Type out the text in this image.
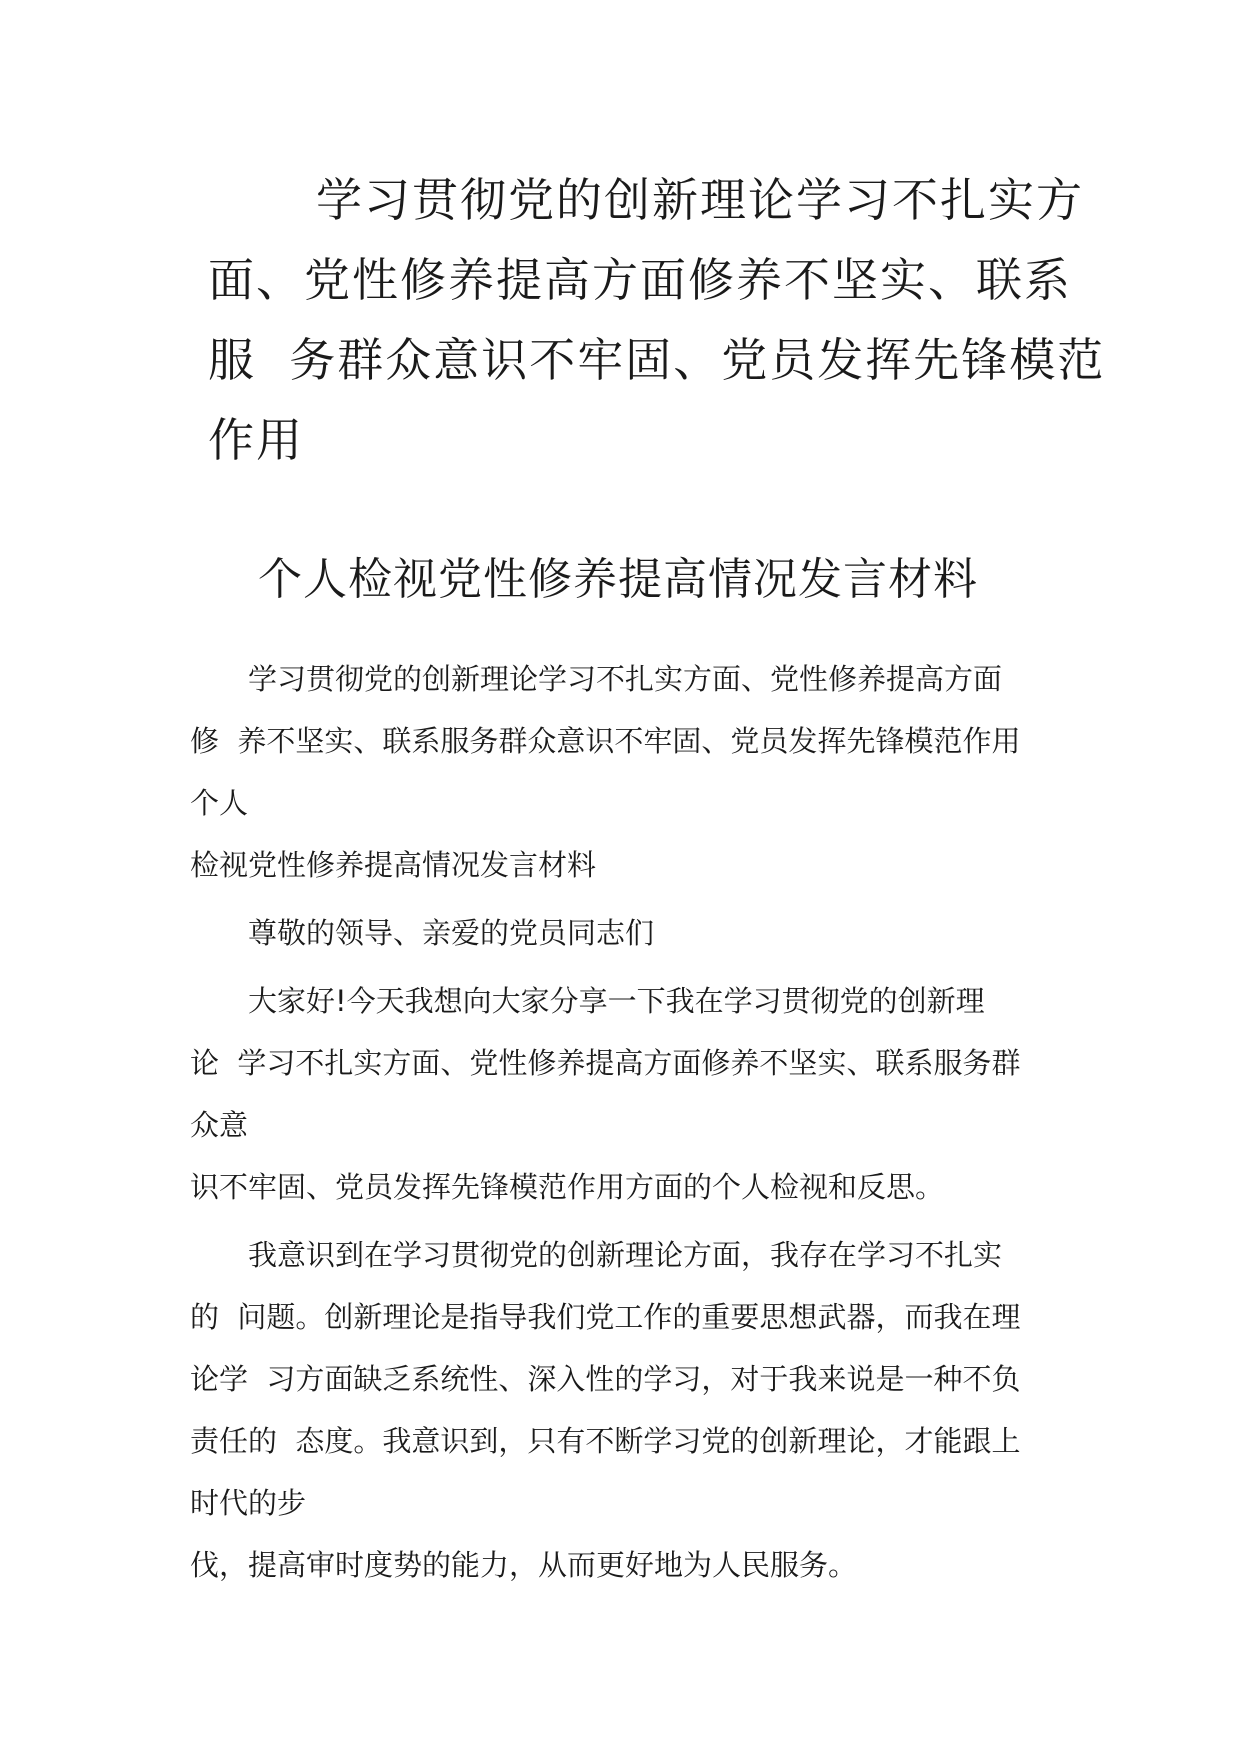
学习贯彻党的创新理论学习不扎实方
面、党性修养提高方面修养不坚实、联系
服  务群众意识不牢固、党员发挥先锋模范
作用
个人检视党性修养提高情况发言材料
学习贯彻党的创新理论学习不扎实方面、党性修养提高方面
修  养不坚实、联系服务群众意识不牢固、党员发挥先锋模范作用
个人
检视党性修养提高情况发言材料
尊敬的领导、亲爱的党员同志们
大家好!今天我想向大家分享一下我在学习贯彻党的创新理
论  学习不扎实方面、党性修养提高方面修养不坚实、联系服务群
众意
识不牢固、党员发挥先锋模范作用方面的个人检视和反思。
我意识到在学习贯彻党的创新理论方面，我存在学习不扎实
的  问题。创新理论是指导我们党工作的重要思想武器，而我在理
论学  习方面缺乏系统性、深入性的学习，对于我来说是一种不负
责任的  态度。我意识到，只有不断学习党的创新理论，才能跟上
时代的步
伐，提高审时度势的能力，从而更好地为人民服务。
